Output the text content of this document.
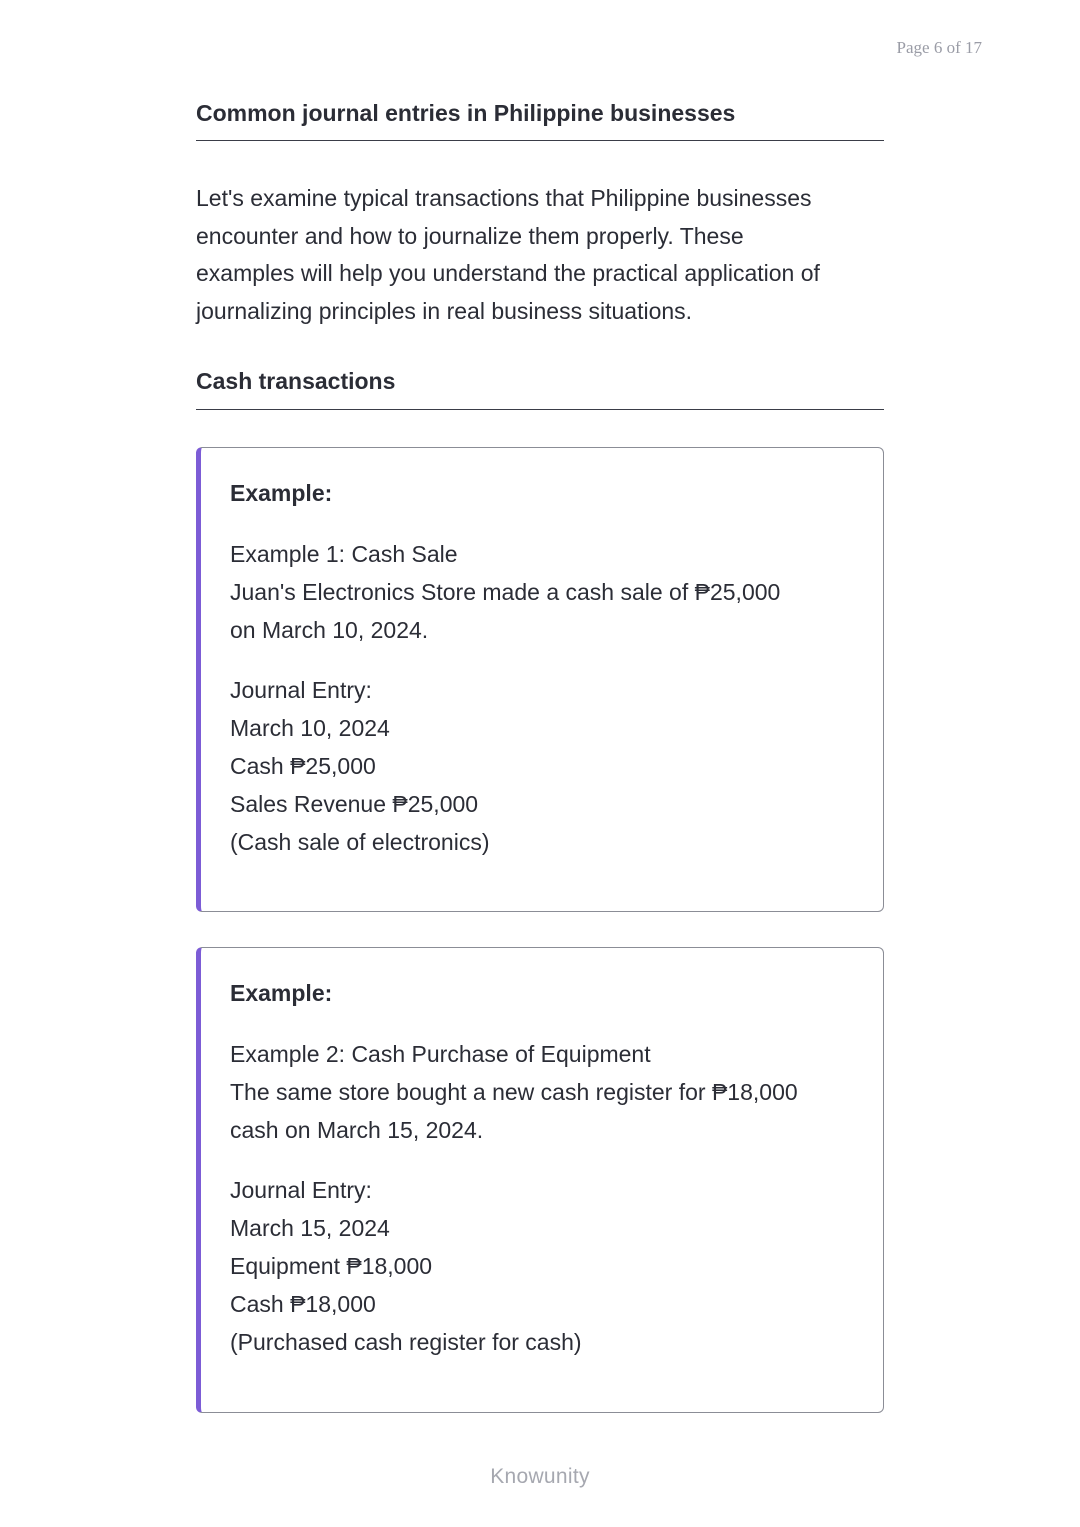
Page 6 of 17
Common journal entries in Philippine businesses

Let's examine typical transactions that Philippine businesses
encounter and how to journalize them properly. These
examples will help you understand the practical application of
journalizing principles in real business situations.

Cash transactions

Example:

Example 1: Cash Sale
Juan's Electronics Store made a cash sale of ₱25,000
on March 10, 2024.

Journal Entry:
March 10, 2024
Cash ₱25,000
Sales Revenue ₱25,000
(Cash sale of electronics)

Example:

Example 2: Cash Purchase of Equipment
The same store bought a new cash register for ₱18,000
cash on March 15, 2024.

Journal Entry:
March 15, 2024
Equipment ₱18,000
Cash ₱18,000
(Purchased cash register for cash)
Knowunity
